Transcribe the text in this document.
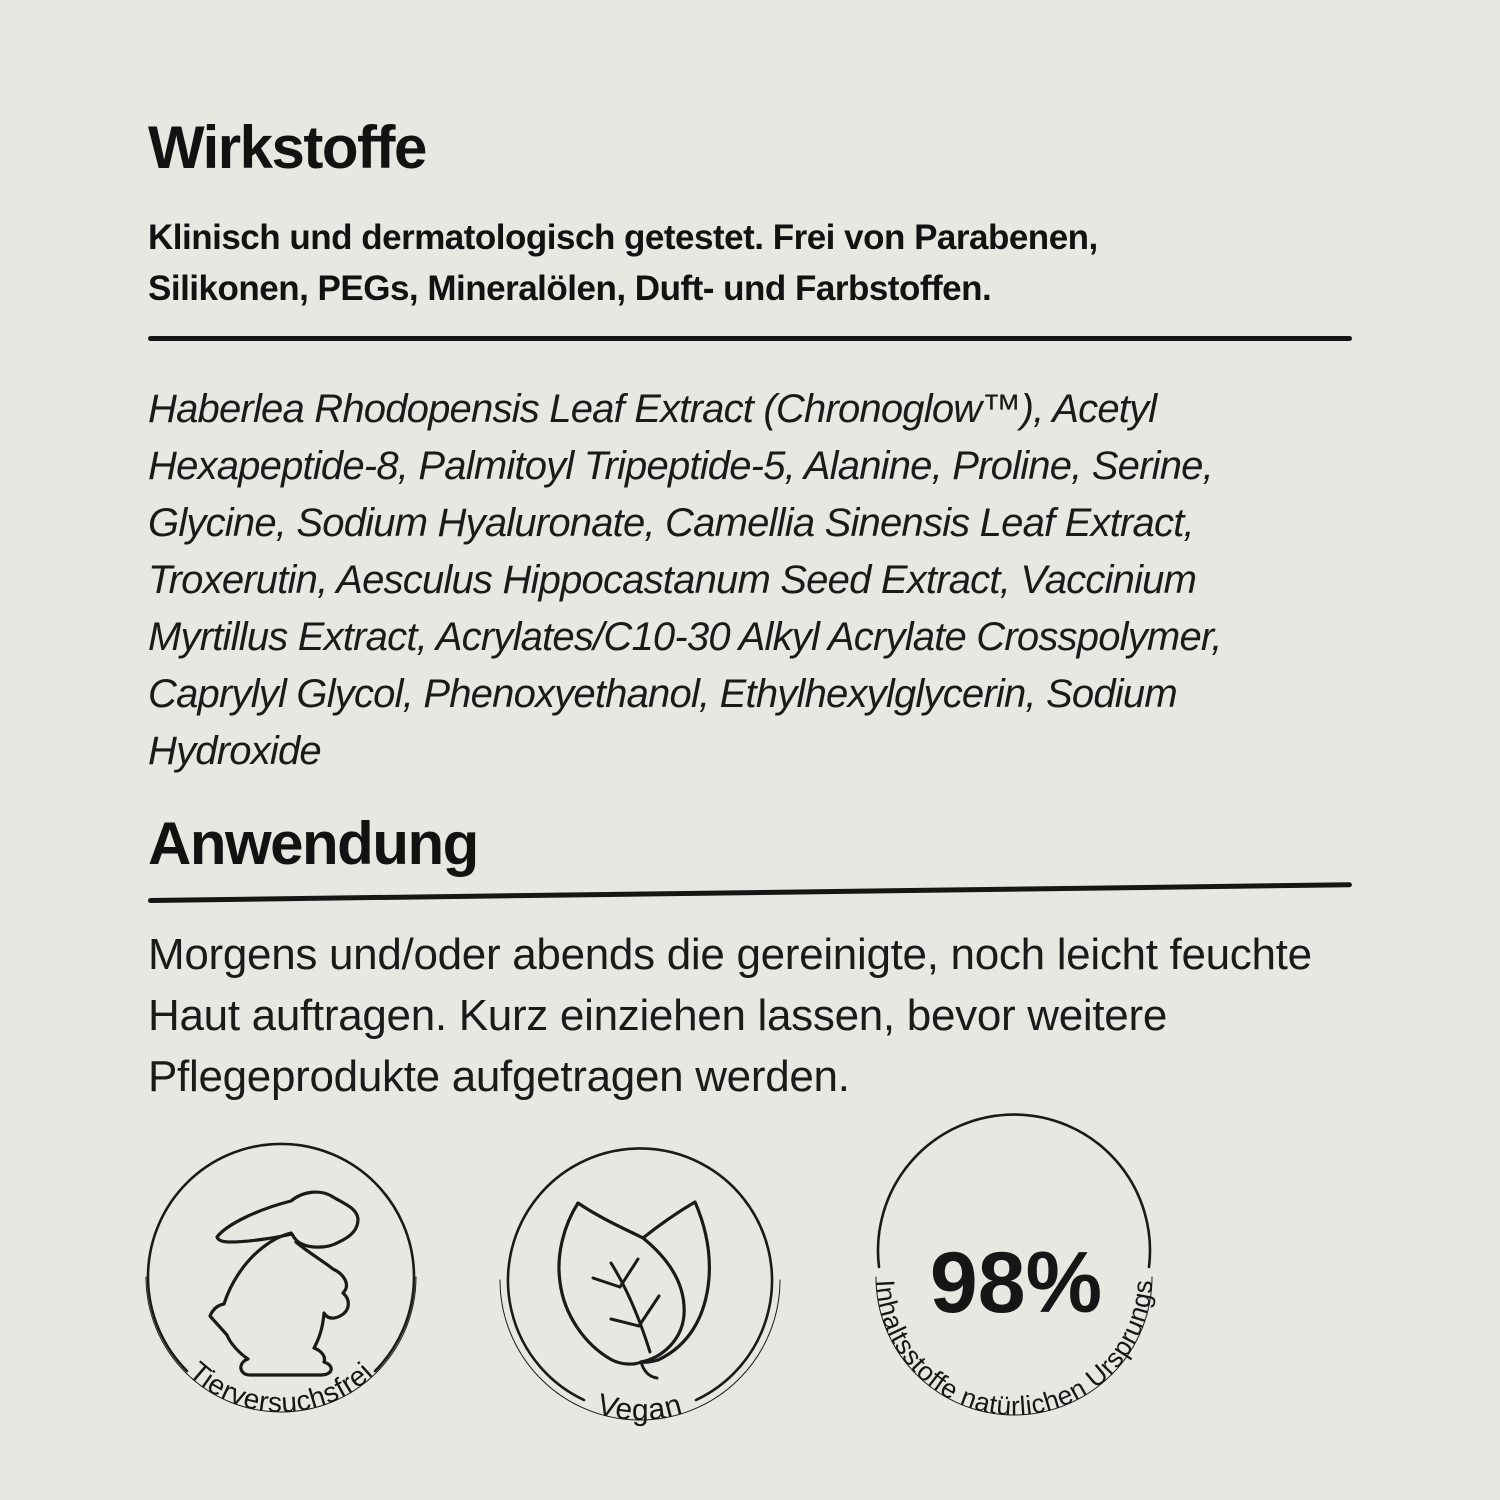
Wirkstoffe
Klinisch und dermatologisch getestet. Frei von Parabenen,
Silikonen, PEGs, Mineralölen, Duft- und Farbstoffen.
Haberlea Rhodopensis Leaf Extract (Chronoglow™), Acetyl
Hexapeptide-8, Palmitoyl Tripeptide-5, Alanine, Proline, Serine,
Glycine, Sodium Hyaluronate, Camellia Sinensis Leaf Extract,
Troxerutin, Aesculus Hippocastanum Seed Extract, Vaccinium
Myrtillus Extract, Acrylates/C10-30 Alkyl Acrylate Crosspolymer,
Caprylyl Glycol, Phenoxyethanol, Ethylhexylglycerin, Sodium
Hydroxide
Anwendung
Morgens und/oder abends die gereinigte, noch leicht feuchte
Haut auftragen. Kurz einziehen lassen, bevor weitere
Pflegeprodukte aufgetragen werden.
Tierversuchsfrei
Vegan
98%
Inhaltsstoffe natürlichen Ursprungs
